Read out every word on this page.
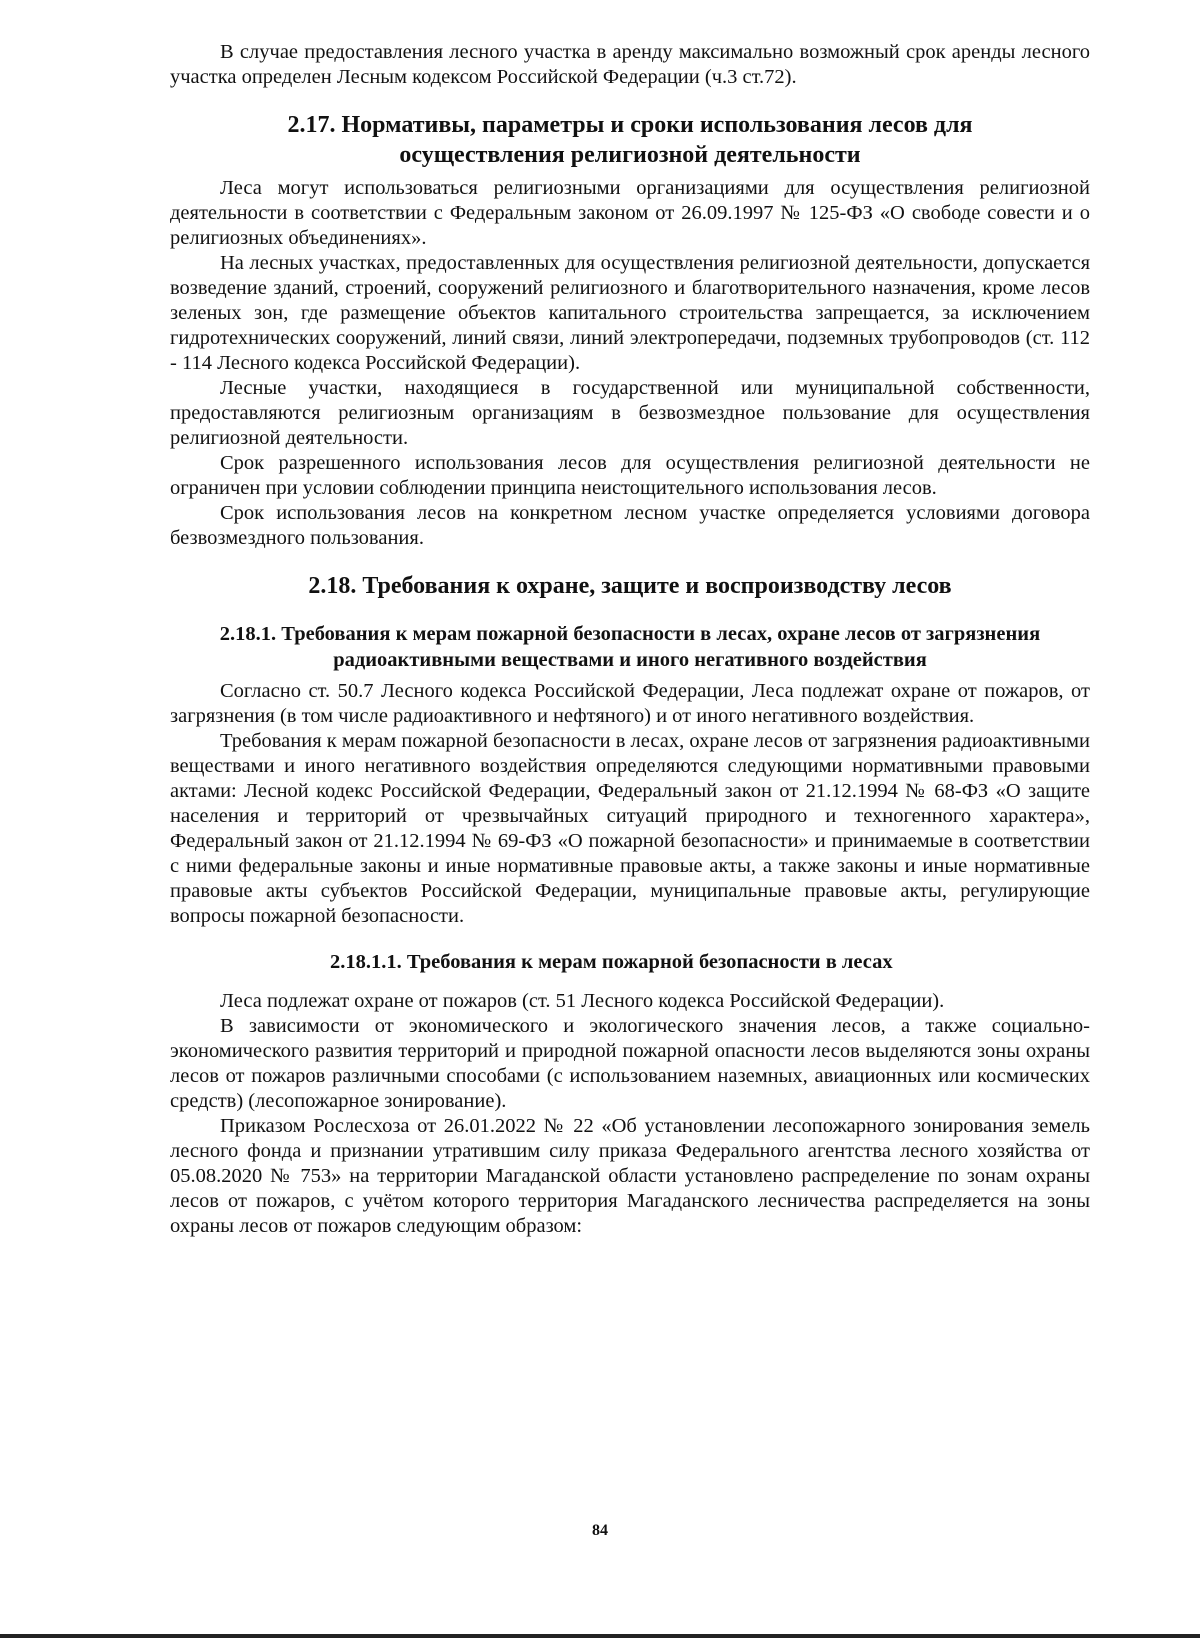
В случае предоставления лесного участка в аренду максимально возможный срок аренды лесного участка определен Лесным кодексом Российской Федерации (ч.3 ст.72).

2.17. Нормативы, параметры и сроки использования лесов для осуществления религиозной деятельности

Леса могут использоваться религиозными организациями для осуществления религиозной деятельности в соответствии с Федеральным законом от 26.09.1997 № 125-ФЗ «О свободе совести и о религиозных объединениях».

На лесных участках, предоставленных для осуществления религиозной деятельности, допускается возведение зданий, строений, сооружений религиозного и благотворительного назначения, кроме лесов зеленых зон, где размещение объектов капитального строительства запрещается, за исключением гидротехнических сооружений, линий связи, линий электропередачи, подземных трубопроводов (ст. 112 - 114 Лесного кодекса Российской Федерации).

Лесные участки, находящиеся в государственной или муниципальной собственности, предоставляются религиозным организациям в безвозмездное пользование для осуществления религиозной деятельности.

Срок разрешенного использования лесов для осуществления религиозной деятельности не ограничен при условии соблюдении принципа неистощительного использования лесов.

Срок использования лесов на конкретном лесном участке определяется условиями договора безвозмездного пользования.

2.18. Требования к охране, защите и воспроизводству лесов
2.18.1. Требования к мерам пожарной безопасности в лесах, охране лесов от загрязнения радиоактивными веществами и иного негативного воздействия

Согласно ст. 50.7 Лесного кодекса Российской Федерации, Леса подлежат охране от пожаров, от загрязнения (в том числе радиоактивного и нефтяного) и от иного негативного воздействия.

Требования к мерам пожарной безопасности в лесах, охране лесов от загрязнения радиоактивными веществами и иного негативного воздействия определяются следующими нормативными правовыми актами: Лесной кодекс Российской Федерации, Федеральный закон от 21.12.1994 № 68-ФЗ «О защите населения и территорий от чрезвычайных ситуаций природного и техногенного характера», Федеральный закон от 21.12.1994 № 69-ФЗ «О пожарной безопасности» и принимаемые в соответствии с ними федеральные законы и иные нормативные правовые акты, а также законы и иные нормативные правовые акты субъектов Российской Федерации, муниципальные правовые акты, регулирующие вопросы пожарной безопасности.

2.18.1.1. Требования к мерам пожарной безопасности в лесах

Леса подлежат охране от пожаров (ст. 51 Лесного кодекса Российской Федерации).

В зависимости от экономического и экологического значения лесов, а также социально-экономического развития территорий и природной пожарной опасности лесов выделяются зоны охраны лесов от пожаров различными способами (с использованием наземных, авиационных или космических средств) (лесопожарное зонирование).

Приказом Рослесхоза от 26.01.2022 № 22 «Об установлении лесопожарного зонирования земель лесного фонда и признании утратившим силу приказа Федерального агентства лесного хозяйства от 05.08.2020 № 753» на территории Магаданской области установлено распределение по зонам охраны лесов от пожаров, с учётом которого территория Магаданского лесничества распределяется на зоны охраны лесов от пожаров следующим образом:

84
